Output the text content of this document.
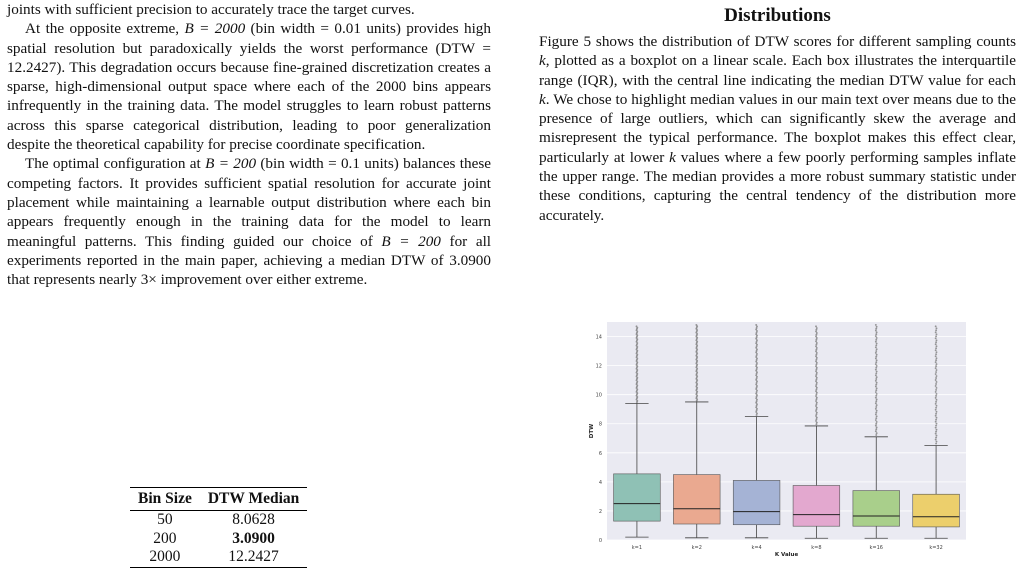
joints with sufficient precision to accurately trace the target curves.

At the opposite extreme, B = 2000 (bin width = 0.01 units) provides high spatial resolution but paradoxically yields the worst performance (DTW = 12.2427). This degradation occurs because fine-grained discretization creates a sparse, high-dimensional output space where each of the 2000 bins appears infrequently in the training data. The model struggles to learn robust patterns across this sparse categorical distribution, leading to poor generalization despite the theoretical capability for precise coordinate specification.

The optimal configuration at B = 200 (bin width = 0.1 units) balances these competing factors. It provides sufficient spatial resolution for accurate joint placement while maintaining a learnable output distribution where each bin appears frequently enough in the training data for the model to learn meaningful patterns. This finding guided our choice of B = 200 for all experiments reported in the main paper, achieving a median DTW of 3.0900 that represents nearly 3× improvement over either extreme.

Bin Size	DTW Median
50	8.0628
200	3.0900
2000	12.2427
Distributions

Figure 5 shows the distribution of DTW scores for different sampling counts k, plotted as a boxplot on a linear scale. Each box illustrates the interquartile range (IQR), with the central line indicating the median DTW value for each k. We chose to highlight median values in our main text over means due to the presence of large outliers, which can significantly skew the average and misrepresent the typical performance. The boxplot makes this effect clear, particularly at lower k values where a few poorly performing samples inflate the upper range. The median provides a more robust summary statistic under these conditions, capturing the central tendency of the distribution more accurately.

0
2
4
6
8
10
12
14
k=1	k=2	k=4	k=8	k=16	k=32
K Value
DTW
